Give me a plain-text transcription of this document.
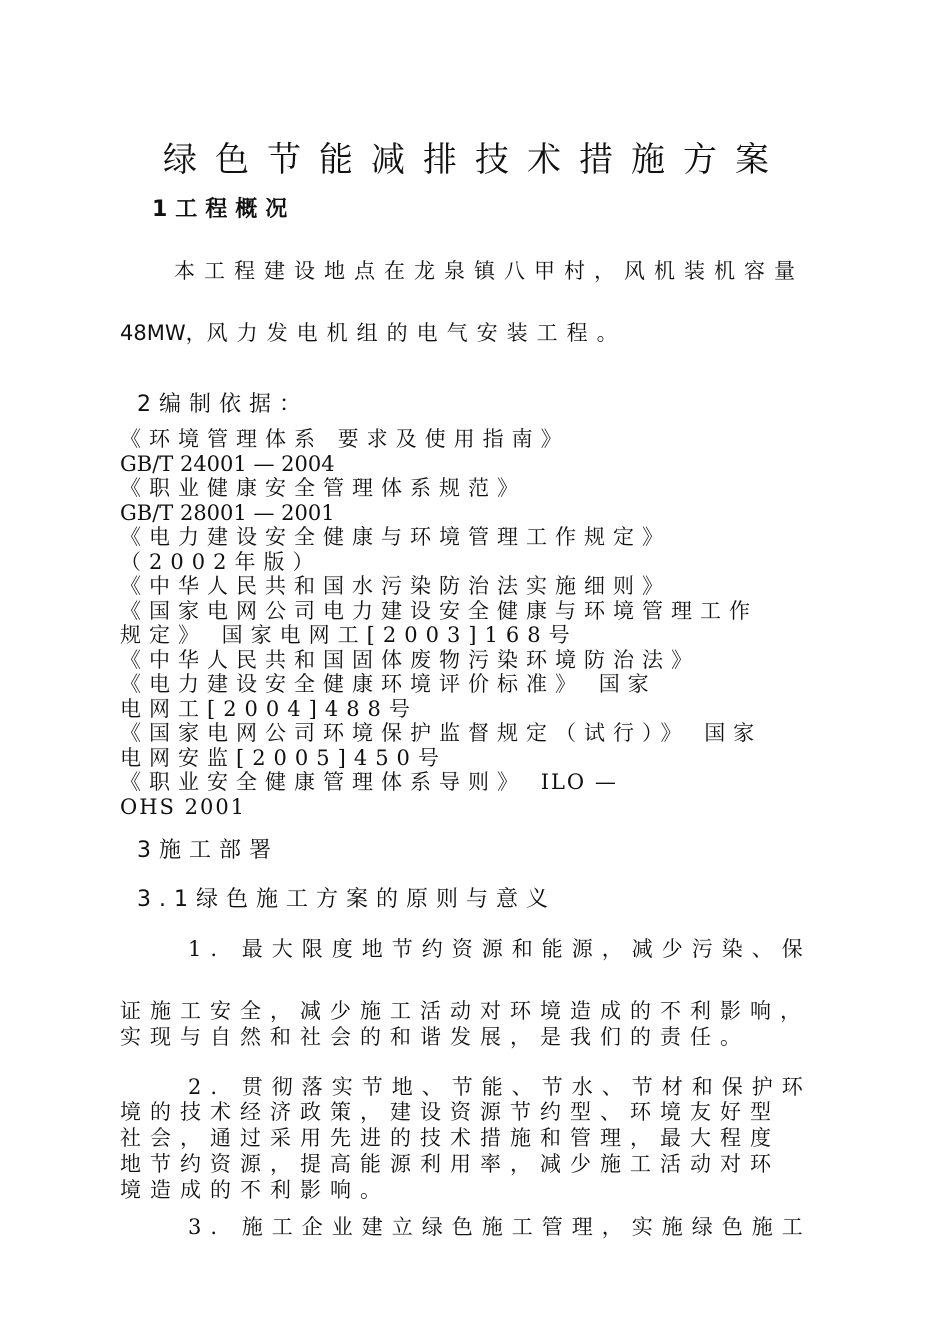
绿色节能减排技术措施方案
1工程概况
本工程建设地点在龙泉镇八甲村，风机装机容量
48MW，风力发电机组的电气安装工程。
2编制依据：
《环境管理体系 要求及使用指南》
GB/T 24001 — 2004
《职业健康安全管理体系规范》
GB/T 28001 — 2001
《电力建设安全健康与环境管理工作规定》
（2002年版）
《中华人民共和国水污染防治法实施细则》
《国家电网公司电力建设安全健康与环境管理工作
规定》 国家电网工[2003]168号
《中华人民共和国固体废物污染环境防治法》
《电力建设安全健康环境评价标准》 国家
电网工[2004]488号
《国家电网公司环境保护监督规定（试行）》 国家
电网安监[2005]450号
《职业安全健康管理体系导则》 ILO —
OHS 2001
3施工部署
3.1绿色施工方案的原则与意义
1. 最大限度地节约资源和能源，减少污染、保
证施工安全，减少施工活动对环境造成的不利影响，
实现与自然和社会的和谐发展，是我们的责任。
2. 贯彻落实节地、节能、节水、节材和保护环
境的技术经济政策，建设资源节约型、环境友好型
社会，通过采用先进的技术措施和管理，最大程度
地节约资源，提高能源利用率，减少施工活动对环
境造成的不利影响。
3. 施工企业建立绿色施工管理，实施绿色施工
